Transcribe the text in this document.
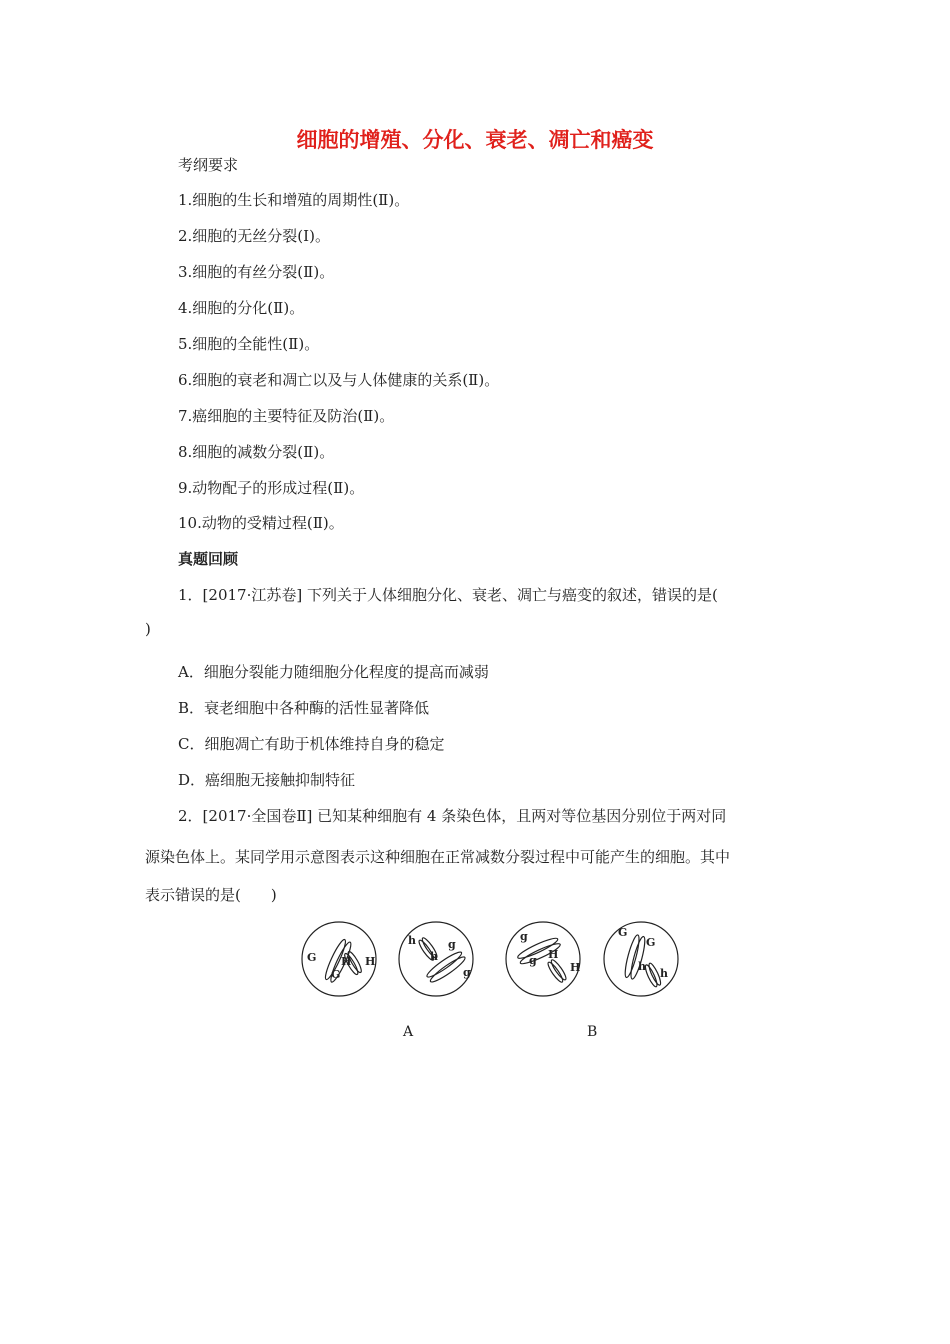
细胞的增殖、分化、衰老、凋亡和癌变
考纲要求
1.细胞的生长和增殖的周期性(Ⅱ)。
2.细胞的无丝分裂(Ⅰ)。
3.细胞的有丝分裂(Ⅱ)。
4.细胞的分化(Ⅱ)。
5.细胞的全能性(Ⅱ)。
6.细胞的衰老和凋亡以及与人体健康的关系(Ⅱ)。
7.癌细胞的主要特征及防治(Ⅱ)。
8.细胞的减数分裂(Ⅱ)。
9.动物配子的形成过程(Ⅱ)。
10.动物的受精过程(Ⅱ)。
真题回顾
1．[2017·江苏卷] 下列关于人体细胞分化、衰老、凋亡与癌变的叙述，错误的是(
)
A．细胞分裂能力随细胞分化程度的提高而减弱
B．衰老细胞中各种酶的活性显著降低
C．细胞凋亡有助于机体维持自身的稳定
D．癌细胞无接触抑制特征
2．[2017·全国卷Ⅱ] 已知某种细胞有 4 条染色体，且两对等位基因分别位于两对同
源染色体上。某同学用示意图表示这种细胞在正常减数分裂过程中可能产生的细胞。其中
表示错误的是(　　)
G
G
H H
h
h
g
g
g
g H
H
G
G
h
h
A	B
